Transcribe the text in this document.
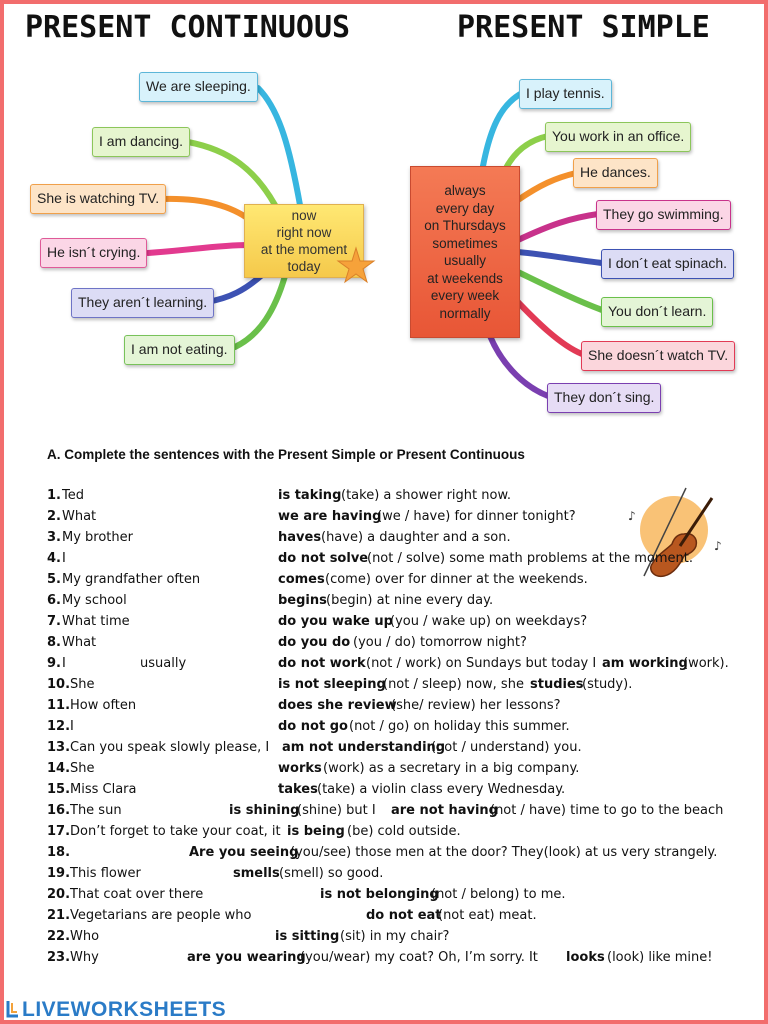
PRESENT CONTINUOUS	PRESENT SIMPLE
We are sleeping.
I am dancing.
She is watching TV.
He isn´t crying.
They aren´t learning.
I am not eating.
now
right now
at the moment
today
I play tennis.
You work in an office.
He dances.
They go swimming.
I don´t eat spinach.
You don´t learn.
She doesn´t watch TV.
They don´t sing.
always
every day
on Thursdays
sometimes
usually
at weekends
every week
normally
A. Complete the sentences with the Present Simple or Present Continuous
♪
♪
1. Ted	is taking (take) a shower right now.
2. What	we are having
(we / have) for dinner tonight?
3. My brother	haves (have) a daughter and a son.
4. I	do not solve
(not / solve) some math problems at the moment.
5. My grandfather often	comes (come) over for dinner at the weekends.
6. My school	begins (begin) at nine every day.
7. What time	do you wake up
(you / wake up) on weekdays?
8. What	do you do (you / do) tomorrow night?
9. I	usually	do not work (not / work) on Sundays but today I am working
(work).
10. She	is not sleeping
(not / sleep) now, she studies
(study).
11. How often	does she review
(she/ review) her lessons?
12. I	do not go (not / go) on holiday this summer.
13. Can you speak slowly please, I am not understanding
(not / understand) you.
14. She	works (work) as a secretary in a big company.
15. Miss Clara	takes (take) a violin class every Wednesday.
16. The sun	is shining
(shine) but I are not having
(not / have) time to go to the beach
17. Don’t forget to take your coat, it is being (be) cold outside.
18.	Are you seeing
(you/see) those men at the door? They(look) at us very strangely.
19. This flower	smells (smell) so good.
20. That coat over there	is not belonging
(not / belong) to me.
21. Vegetarians are people who	do not eat
(not eat) meat.
22. Who	is sitting (sit) in my chair?
23. Why	are you wearing
(you/wear) my coat? Oh, I’m sorry. It looks (look) like mine!
LIVEWORKSHEETS
